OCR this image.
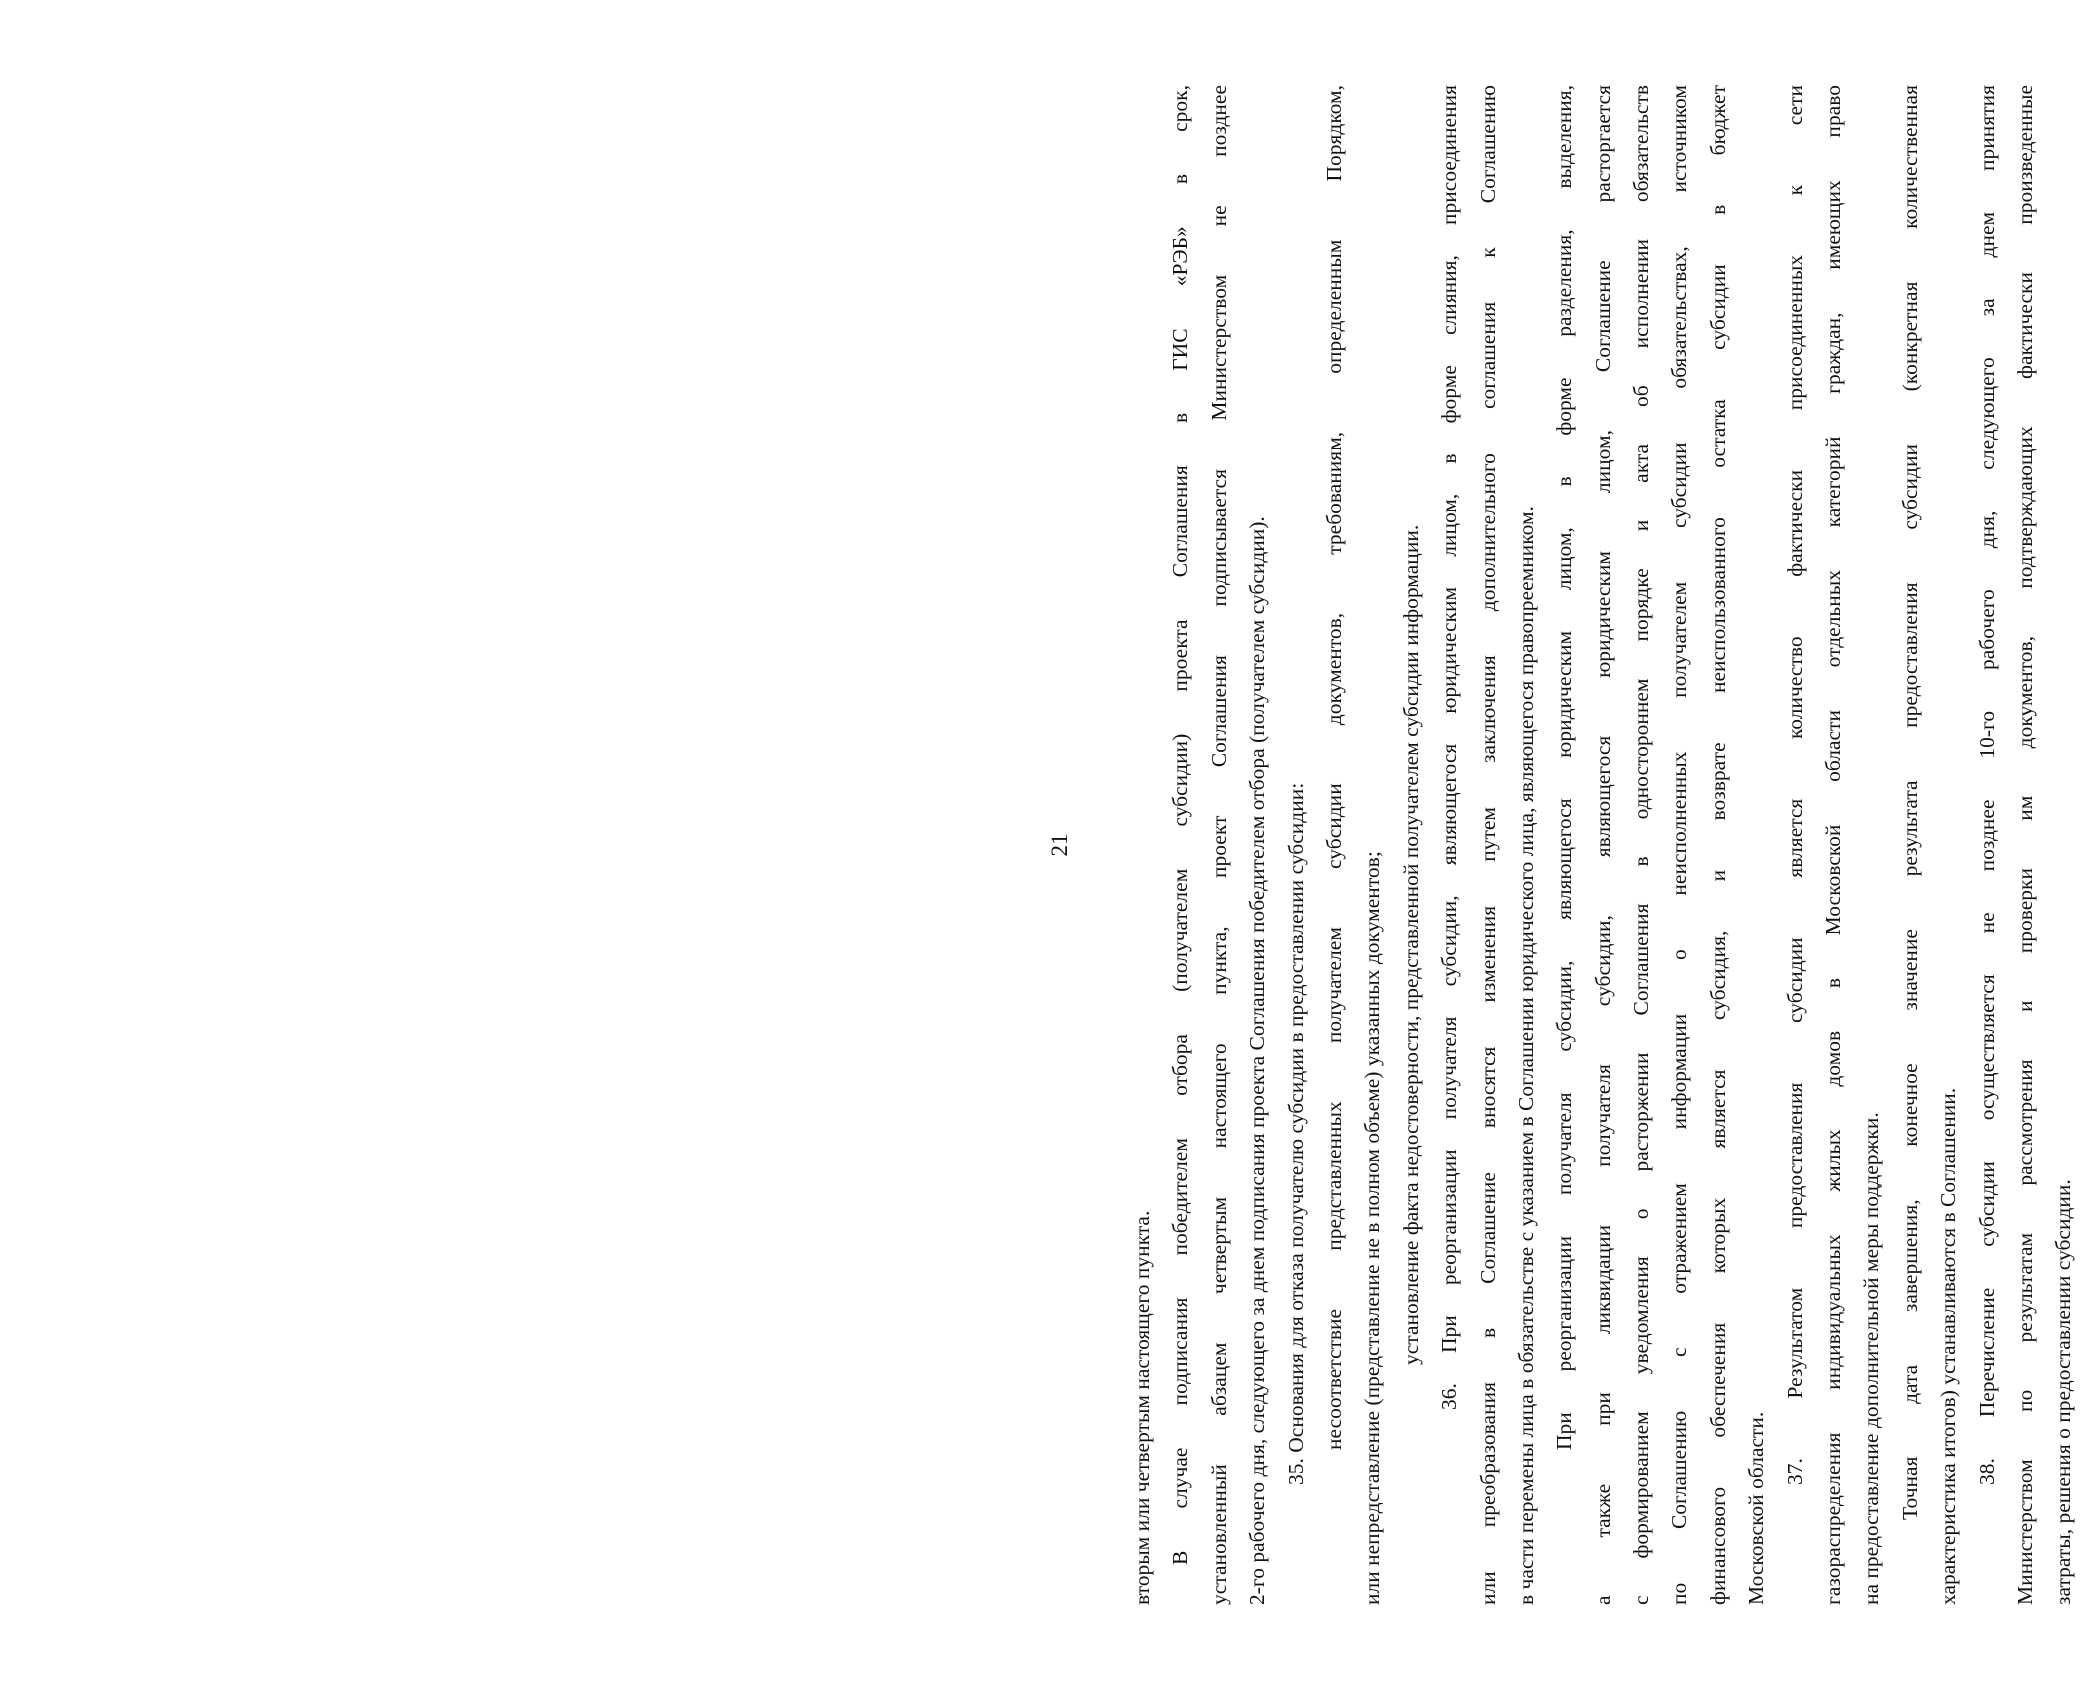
21
вторым или четвертым настоящего пункта. В случае подписания победителем отбора (получателем субсидии) проекта Соглашения в ГИС «РЭБ» в срок, установленный абзацем четвертым настоящего пункта, проект Соглашения подписывается Министерством не позднее 2-го рабочего дня, следующего за днем подписания проекта Соглашения победителем отбора (получателем субсидии). 35. Основания для отказа получателю субсидии в предоставлении субсидии: несоответствие представленных получателем субсидии документов, требованиям, определенным Порядком, или непредставление (представление не в полном объеме) указанных документов; установление факта недостоверности, представленной получателем субсидии информации. 36. При реорганизации получателя субсидии, являющегося юридическим лицом, в форме слияния, присоединения или преобразования в Соглашение вносятся изменения путем заключения дополнительного соглашения к Соглашению в части перемены лица в обязательстве с указанием в Соглашении юридического лица, являющегося правопреемником. При реорганизации получателя субсидии, являющегося юридическим лицом, в форме разделения, выделения, а также при ликвидации получателя субсидии, являющегося юридическим лицом, Соглашение расторгается с формированием уведомления о расторжении Соглашения в одностороннем порядке и акта об исполнении обязательств по Соглашению с отражением информации о неисполненных получателем субсидии обязательствах, источником финансового обеспечения которых является субсидия, и возврате неиспользованного остатка субсидии в бюджет Московской области.
37. Результатом предоставления субсидии является количество фактически присоединенных к сети газораспределения индивидуальных жилых домов в Московской области отдельных категорий граждан, имеющих право на предоставление дополнительной меры поддержки. Точная дата завершения, конечное значение результата предоставления субсидии (конкретная количественная характеристика итогов) устанавливаются в Соглашении. 38. Перечисление субсидии осуществляется не позднее 10-го рабочего дня, следующего за днем принятия Министерством по результатам рассмотрения и проверки им документов, подтверждающих фактически произведенные затраты, решения о предоставлении субсидии.
